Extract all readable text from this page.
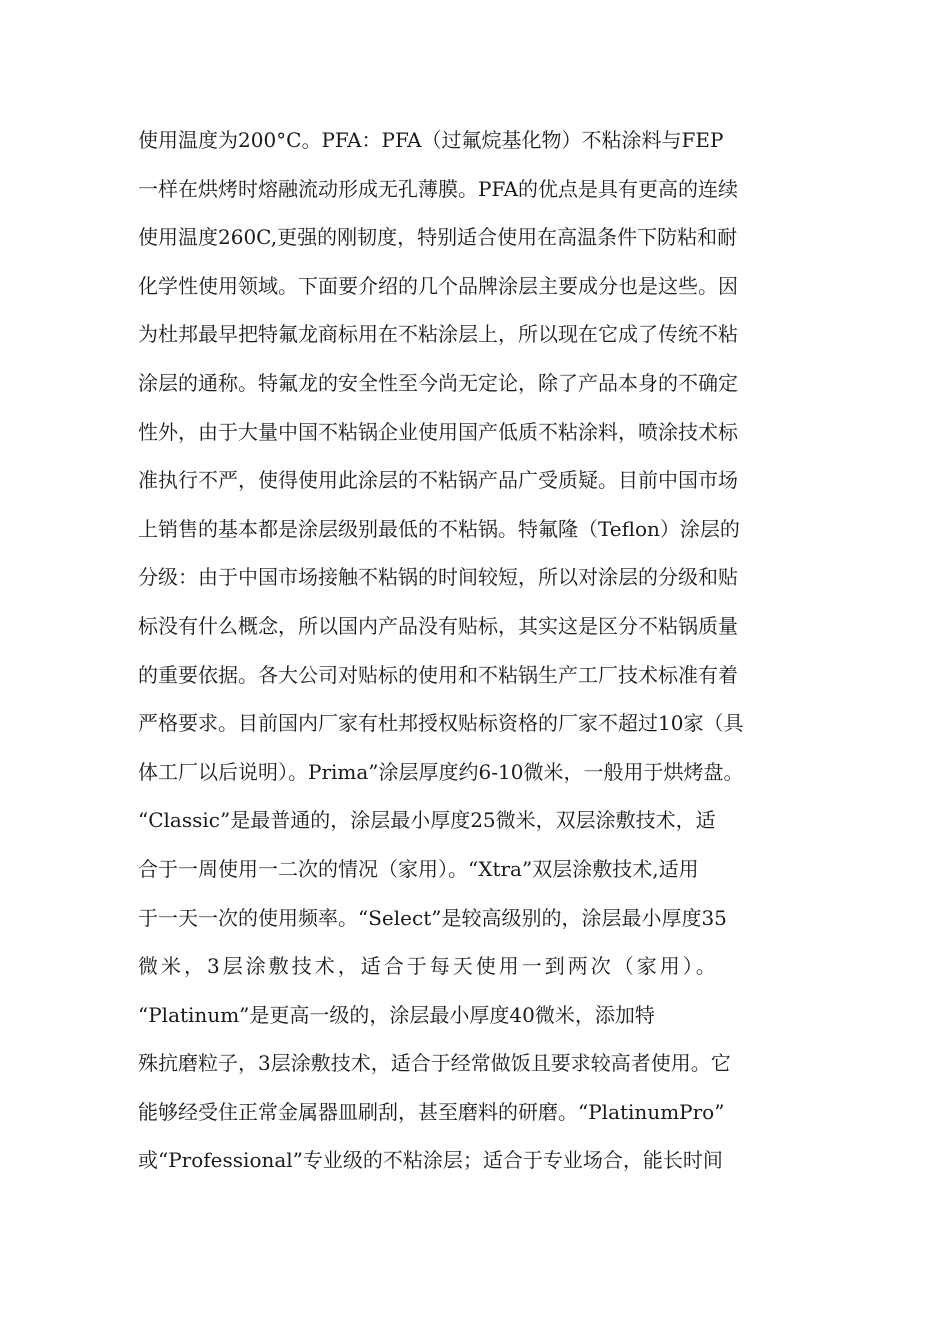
使用温度为200°C。PFA：PFA（过氟烷基化物）不粘涂料与FEP
一样在烘烤时熔融流动形成无孔薄膜。PFA的优点是具有更高的连续
使用温度260C,更强的刚韧度，特别适合使用在高温条件下防粘和耐
化学性使用领域。下面要介绍的几个品牌涂层主要成分也是这些。因
为杜邦最早把特氟龙商标用在不粘涂层上，所以现在它成了传统不粘
涂层的通称。特氟龙的安全性至今尚无定论，除了产品本身的不确定
性外，由于大量中国不粘锅企业使用国产低质不粘涂料，喷涂技术标
准执行不严，使得使用此涂层的不粘锅产品广受质疑。目前中国市场
上销售的基本都是涂层级别最低的不粘锅。特氟隆（Teflon）涂层的
分级：由于中国市场接触不粘锅的时间较短，所以对涂层的分级和贴
标没有什么概念，所以国内产品没有贴标，其实这是区分不粘锅质量
的重要依据。各大公司对贴标的使用和不粘锅生产工厂技术标准有着
严格要求。目前国内厂家有杜邦授权贴标资格的厂家不超过10家（具
体工厂以后说明）。Prima”涂层厚度约6-10微米，一般用于烘烤盘。
“Classic”是最普通的，涂层最小厚度25微米，双层涂敷技术，适
合于一周使用一二次的情况（家用）。“Xtra”双层涂敷技术,适用
于一天一次的使用频率。“Select”是较高级别的，涂层最小厚度35
微米，3层涂敷技术，适合于每天使用一到两次（家用）。
“Platinum”是更高一级的，涂层最小厚度40微米，添加特
殊抗磨粒子，3层涂敷技术，适合于经常做饭且要求较高者使用。它
能够经受住正常金属器皿刷刮，甚至磨料的研磨。“PlatinumPro”
或“Professional”专业级的不粘涂层；适合于专业场合，能长时间
